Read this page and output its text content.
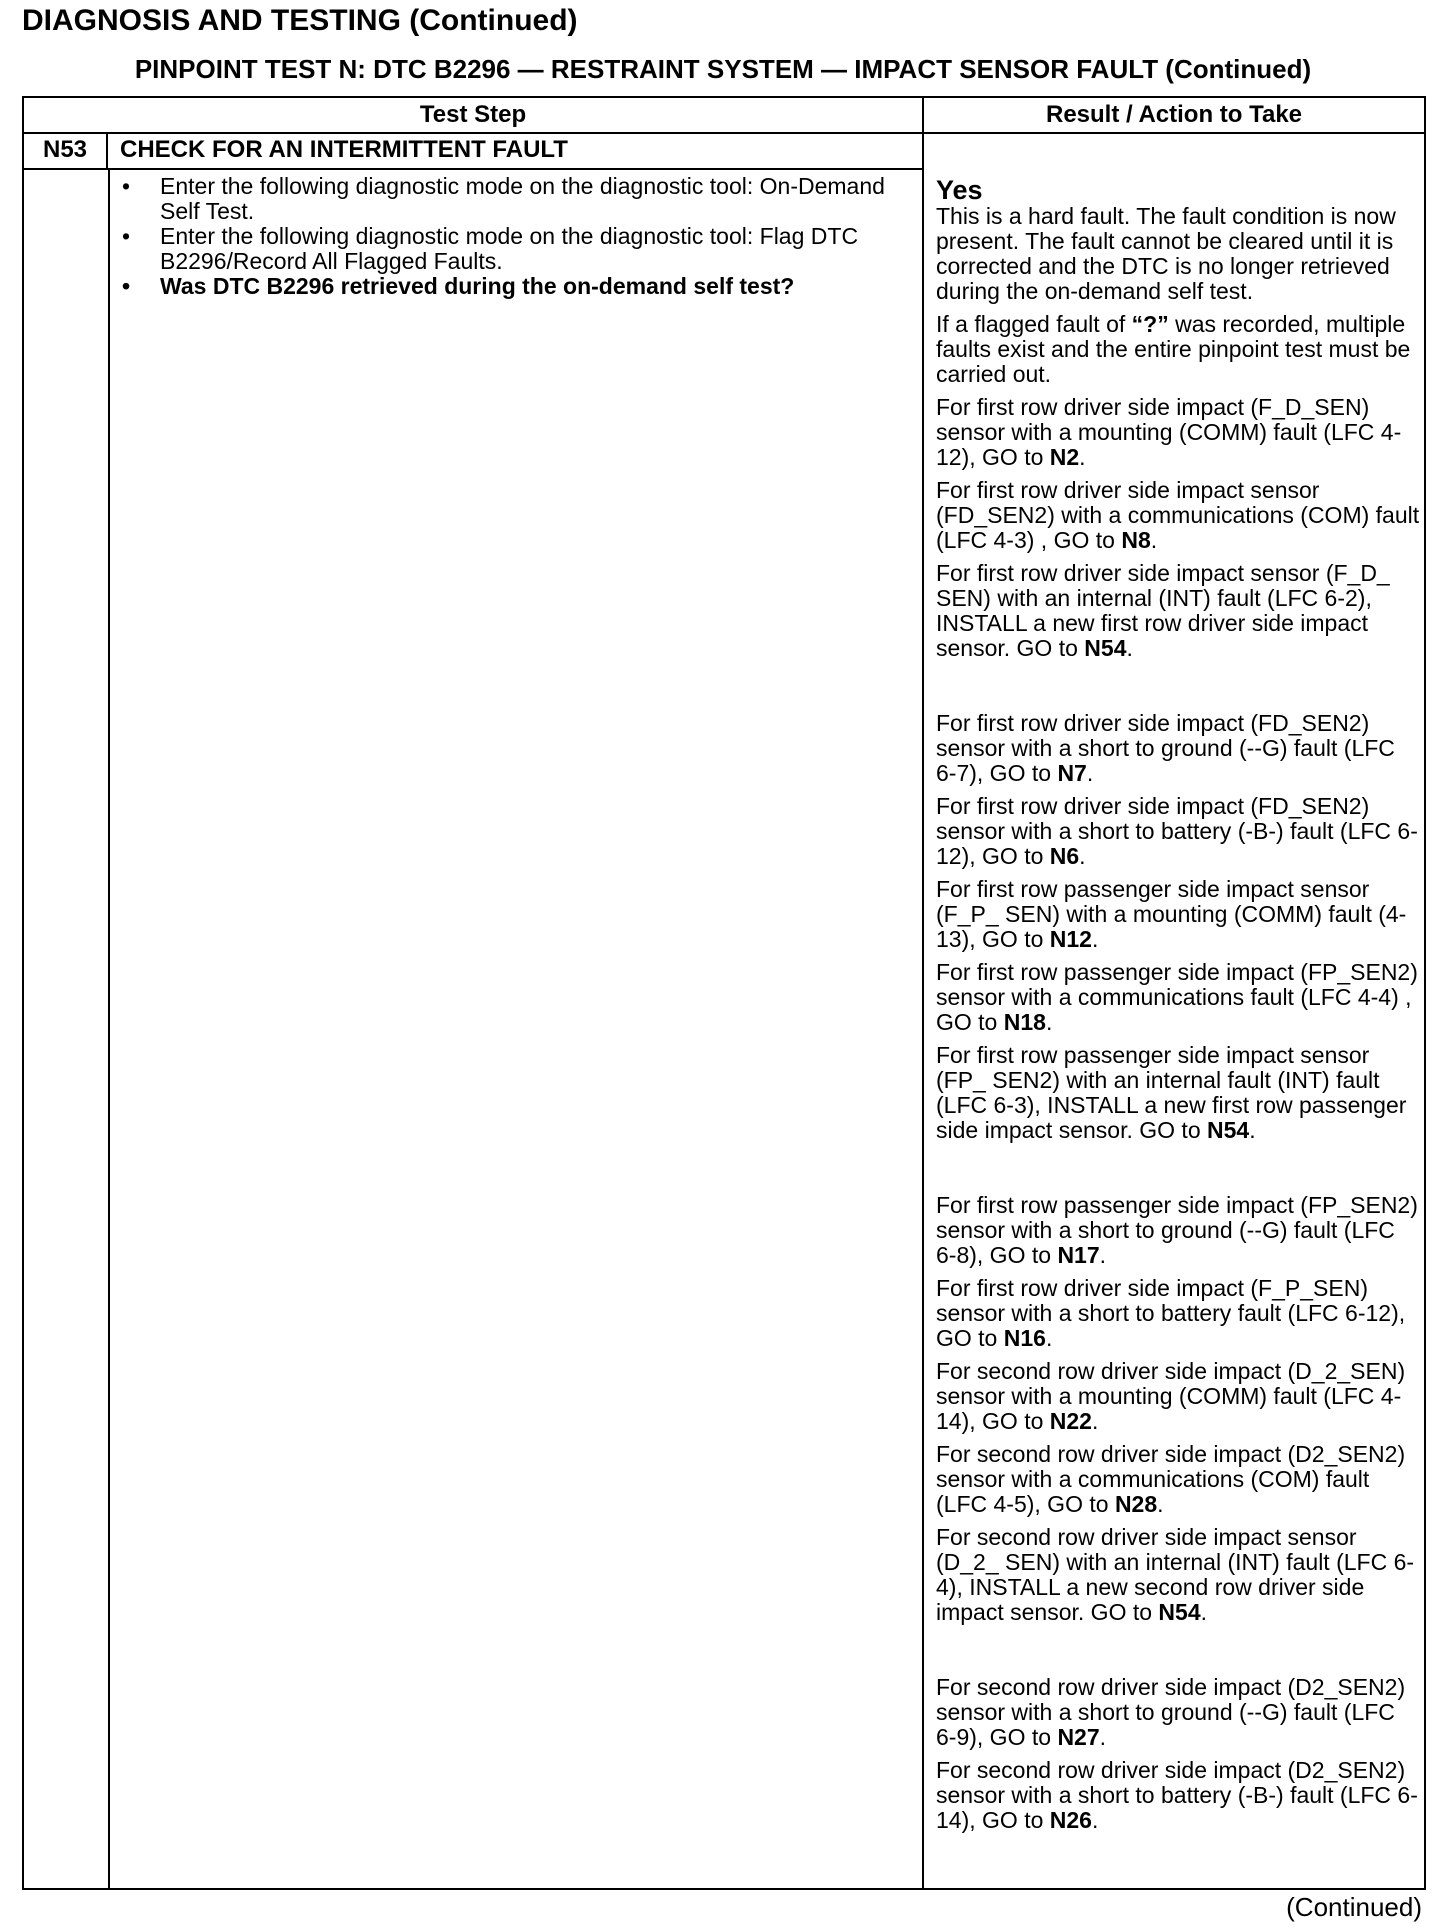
DIAGNOSIS AND TESTING (Continued)
PINPOINT TEST N: DTC B2296 — RESTRAINT SYSTEM — IMPACT SENSOR FAULT (Continued)
Test Step	Result / Action to Take
N53	CHECK FOR AN INTERMITTENT FAULT
• Enter the following diagnostic mode on the diagnostic tool: On-Demand Self Test.
• Enter the following diagnostic mode on the diagnostic tool: Flag DTC B2296/Record All Flagged Faults.
• Was DTC B2296 retrieved during the on-demand self test?
Yes

This is a hard fault. The fault condition is now present. The fault cannot be cleared until it is corrected and the DTC is no longer retrieved during the on-demand self test.

If a flagged fault of “?” was recorded, multiple faults exist and the entire pinpoint test must be carried out.

For first row driver side impact (F_D_SEN) sensor with a mounting (COMM) fault (LFC 4-12), GO to N2.

For first row driver side impact sensor (FD_SEN2) with a communications (COM) fault (LFC 4-3) , GO to N8.

For first row driver side impact sensor (F_D_ SEN) with an internal (INT) fault (LFC 6-2), INSTALL a new first row driver side impact sensor. GO to N54.

For first row driver side impact (FD_SEN2) sensor with a short to ground (--G) fault (LFC 6-7), GO to N7.

For first row driver side impact (FD_SEN2) sensor with a short to battery (-B-) fault (LFC 6-12), GO to N6.

For first row passenger side impact sensor (F_P_ SEN) with a mounting (COMM) fault (4-13), GO to N12.

For first row passenger side impact (FP_SEN2) sensor with a communications fault (LFC 4-4) , GO to N18.

For first row passenger side impact sensor (FP_ SEN2) with an internal fault (INT) fault (LFC 6-3), INSTALL a new first row passenger side impact sensor. GO to N54.

For first row passenger side impact (FP_SEN2) sensor with a short to ground (--G) fault (LFC 6-8), GO to N17.

For first row driver side impact (F_P_SEN) sensor with a short to battery fault (LFC 6-12), GO to N16.

For second row driver side impact (D_2_SEN) sensor with a mounting (COMM) fault (LFC 4-14), GO to N22.

For second row driver side impact (D2_SEN2) sensor with a communications (COM) fault (LFC 4-5), GO to N28.

For second row driver side impact sensor (D_2_ SEN) with an internal (INT) fault (LFC 6-4), INSTALL a new second row driver side impact sensor. GO to N54.

For second row driver side impact (D2_SEN2) sensor with a short to ground (--G) fault (LFC 6-9), GO to N27.

For second row driver side impact (D2_SEN2) sensor with a short to battery (-B-) fault (LFC 6-14), GO to N26.

(Continued)
